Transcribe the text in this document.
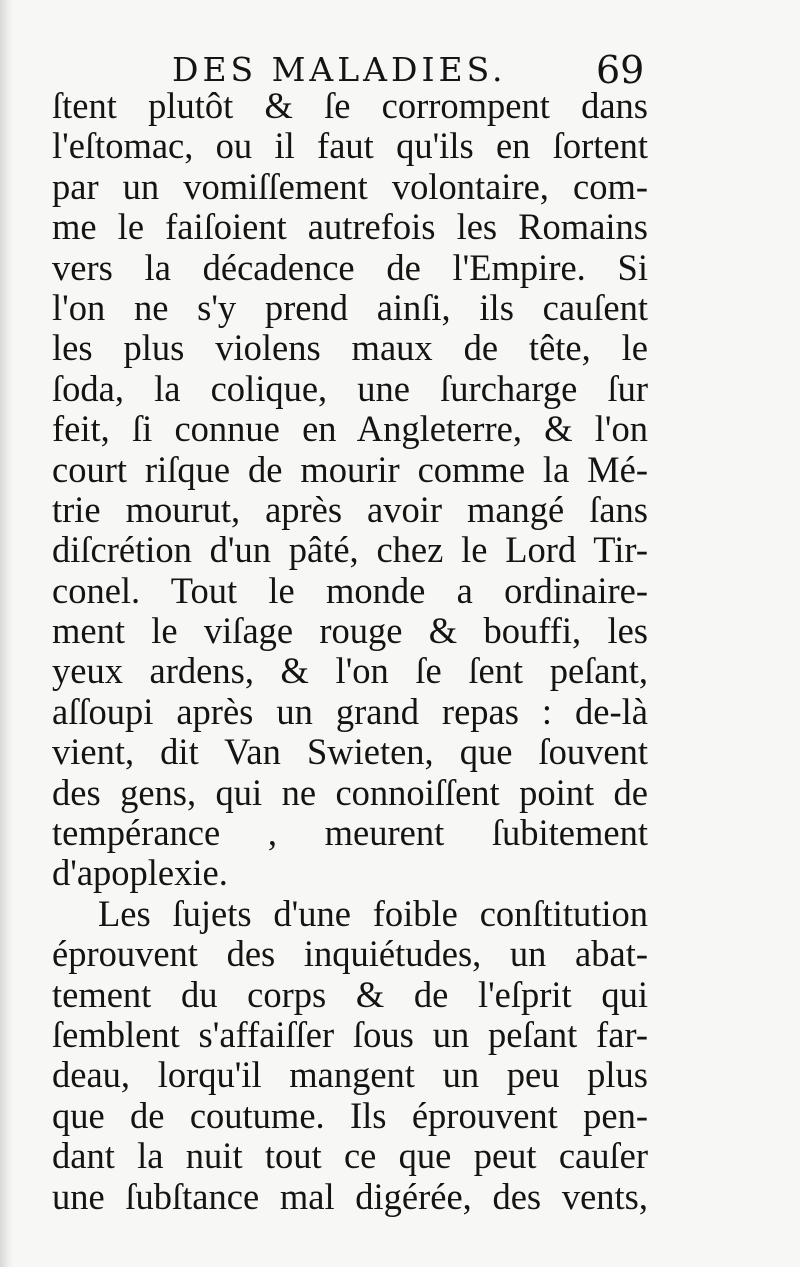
DES MALADIES. 69
ſtent plutôt & ſe corrompent dans
l'eſtomac, ou il faut qu'ils en ſortent
par un vomiſſement volontaire, com-
me le faiſoient autrefois les Romains
vers la décadence de l'Empire. Si
l'on ne s'y prend ainſi, ils cauſent
les plus violens maux de tête, le
ſoda, la colique, une ſurcharge ſur
feit, ſi connue en Angleterre, & l'on
court riſque de mourir comme la Mé-
trie mourut, après avoir mangé ſans
diſcrétion d'un pâté, chez le Lord Tir-
conel. Tout le monde a ordinaire-
ment le viſage rouge & bouffi, les
yeux ardens, & l'on ſe ſent peſant,
aſſoupi après un grand repas : de-là
vient, dit Van Swieten, que ſouvent
des gens, qui ne connoiſſent point de
tempérance , meurent ſubitement
d'apoplexie.
Les ſujets d'une foible conſtitution
éprouvent des inquiétudes, un abat-
tement du corps & de l'eſprit qui
ſemblent s'affaiſſer ſous un peſant far-
deau, lorqu'il mangent un peu plus
que de coutume. Ils éprouvent pen-
dant la nuit tout ce que peut cauſer
une ſubſtance mal digérée, des vents,
